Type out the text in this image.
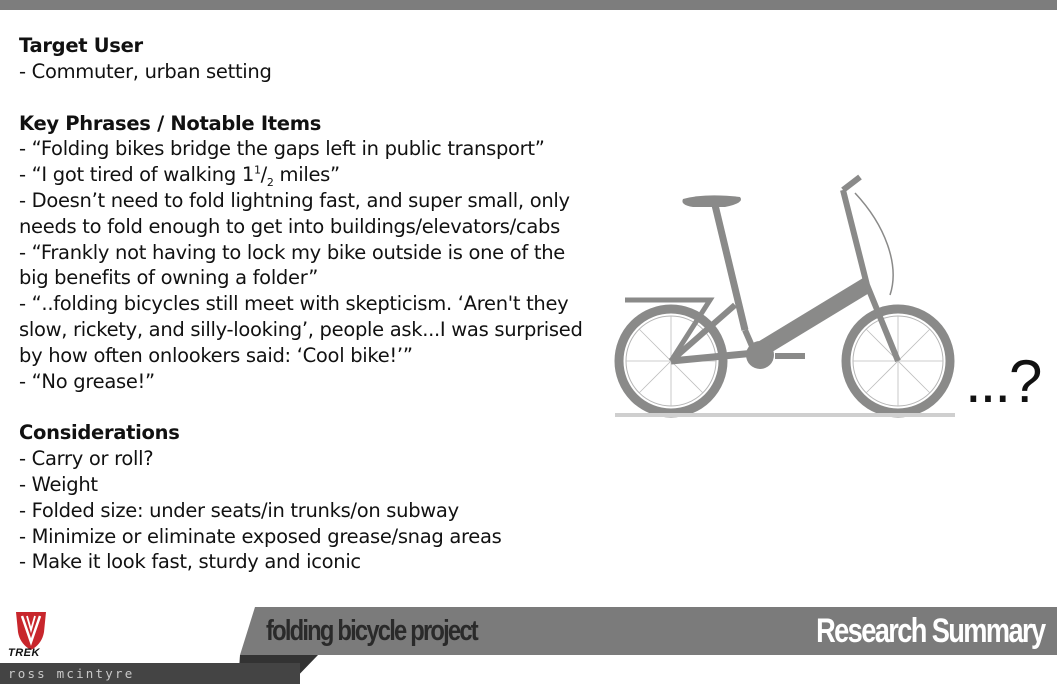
Target User

- Commuter, urban setting

Key Phrases / Notable Items

- “Folding bikes bridge the gaps left in public transport”

- “I got tired of walking $1^1/_2$ miles”

- Doesn’t need to fold lightning fast, and super small, only needs to fold enough to get into buildings/elevators/cabs

- “Frankly not having to lock my bike outside is one of the big benefits of owning a folder”

- “..folding bicycles still meet with skepticism. ‘Aren't they slow, rickety, and silly-looking’, people ask...I was surprised by how often onlookers said: ‘Cool bike!’”

- “No grease!”

Considerations

- Carry or roll?

- Weight

- Folded size: under seats/in trunks/on subway

- Minimize or eliminate exposed grease/snag areas

- Make it look fast, sturdy and iconic

...?
folding bicycle project	Research Summary
ross mcintyre
TREK
